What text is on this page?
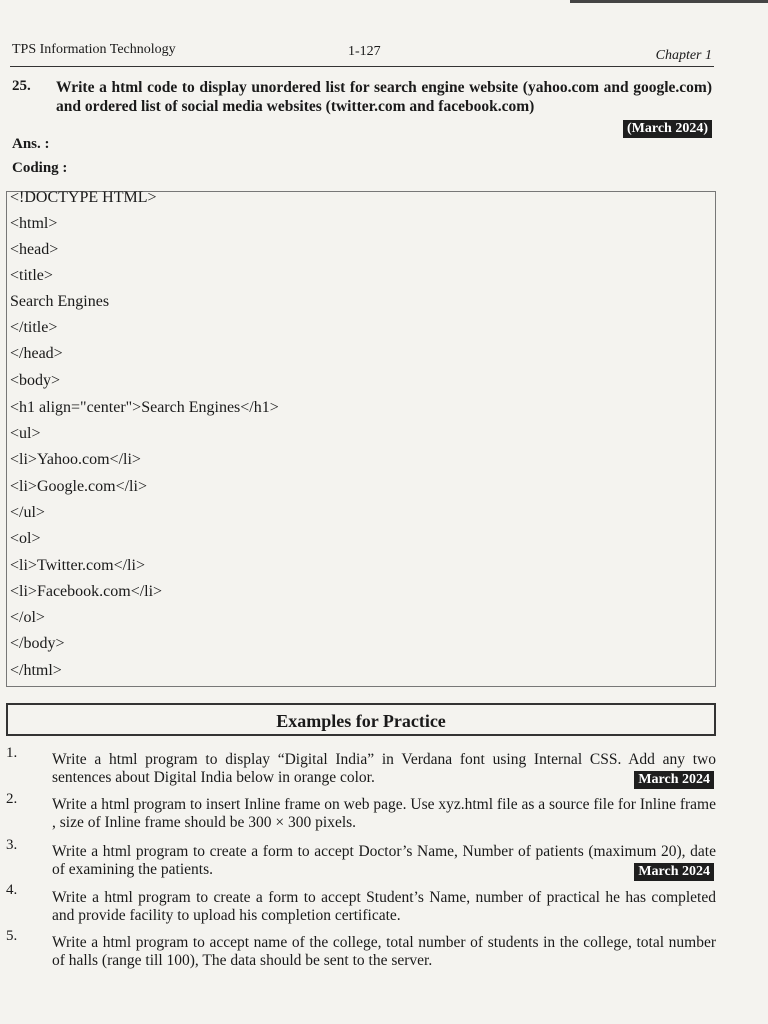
TPS Information Technology	1-127	Chapter 1
25. Write a html code to display unordered list for search engine website (yahoo.com and google.com) and ordered list of social media websites (twitter.com and facebook.com)
(March 2024)
Ans. :
Coding :
<!DOCTYPE HTML>
<html>
<head>
<title>
Search Engines
</title>
</head>
<body>
<h1 align="center">Search Engines</h1>
<ul>
<li>Yahoo.com</li>
<li>Google.com</li>
</ul>
<ol>
<li>Twitter.com</li>
<li>Facebook.com</li>
</ol>
</body>
</html>
Examples for Practice
1. Write a html program to display “Digital India” in Verdana font using Internal CSS. Add any two sentences about Digital India below in orange color.	March 2024
2. Write a html program to insert Inline frame on web page. Use xyz.html file as a source file for Inline frame , size of Inline frame should be 300 × 300 pixels.
3. Write a html program to create a form to accept Doctor’s Name, Number of patients (maximum 20), date of examining the patients.	March 2024
4. Write a html program to create a form to accept Student’s Name, number of practical he has completed and provide facility to upload his completion certificate.
5. Write a html program to accept name of the college, total number of students in the college, total number of halls (range till 100), The data should be sent to the server.
